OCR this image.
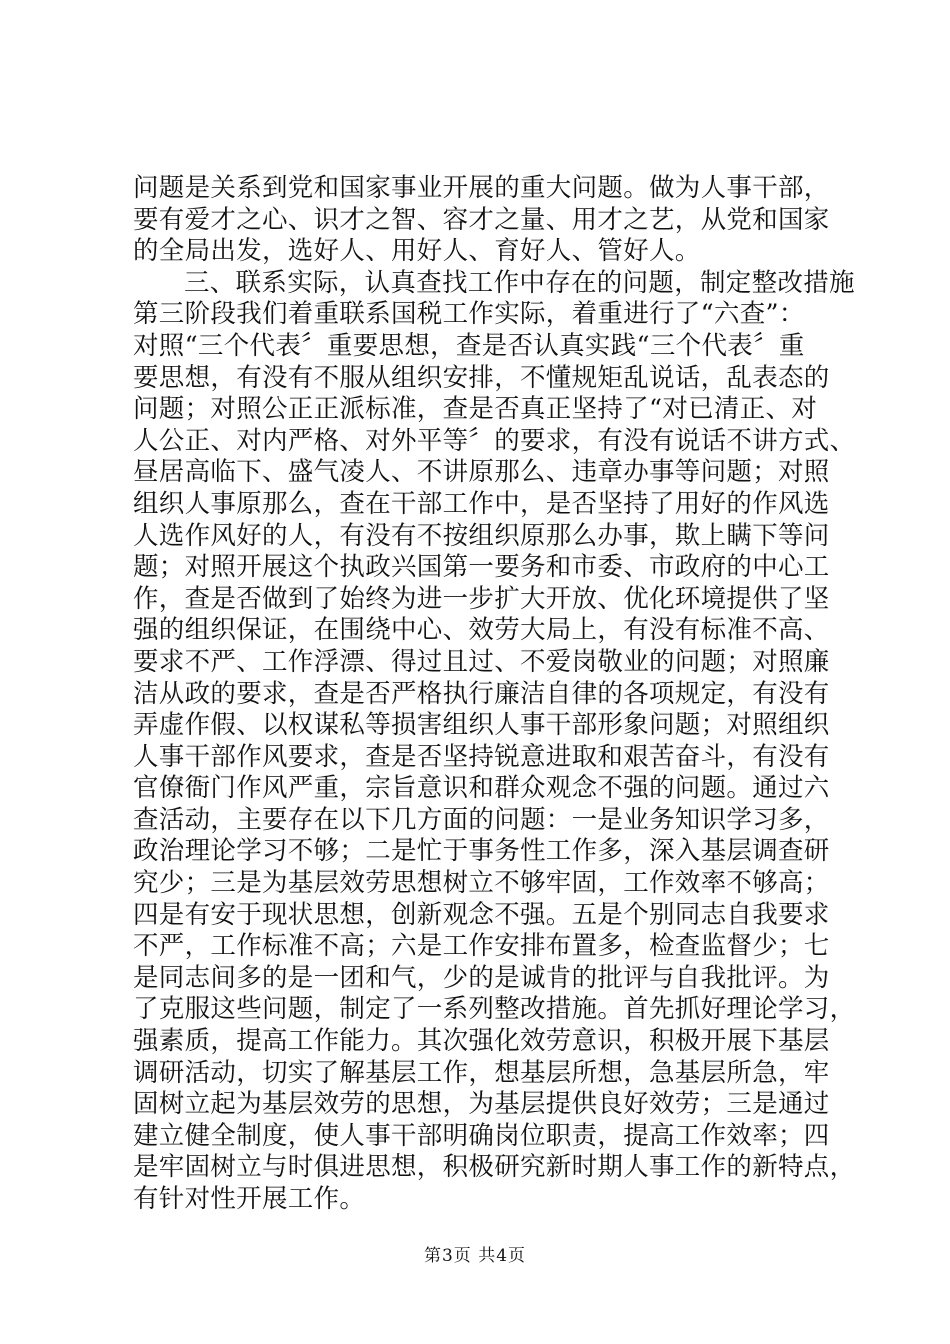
问题是关系到党和国家事业开展的重大问题。做为人事干部，
要有爱才之心、识才之智、容才之量、用才之艺，从党和国家
的全局出发，选好人、用好人、育好人、管好人。
三、联系实际，认真查找工作中存在的问题，制定整改措施
第三阶段我们着重联系国税工作实际，着重进行了“六查”：
对照“三个代表〞重要思想，查是否认真实践“三个代表〞重
要思想，有没有不服从组织安排，不懂规矩乱说话，乱表态的
问题；对照公正正派标准，查是否真正坚持了“对已清正、对
人公正、对内严格、对外平等〞的要求，有没有说话不讲方式、
昼居高临下、盛气凌人、不讲原那么、违章办事等问题；对照
组织人事原那么，查在干部工作中，是否坚持了用好的作风选
人选作风好的人，有没有不按组织原那么办事，欺上瞒下等问
题；对照开展这个执政兴国第一要务和市委、市政府的中心工
作，查是否做到了始终为进一步扩大开放、优化环境提供了坚
强的组织保证，在围绕中心、效劳大局上，有没有标准不高、
要求不严、工作浮漂、得过且过、不爱岗敬业的问题；对照廉
洁从政的要求，查是否严格执行廉洁自律的各项规定，有没有
弄虚作假、以权谋私等损害组织人事干部形象问题；对照组织
人事干部作风要求，查是否坚持锐意进取和艰苦奋斗，有没有
官僚衙门作风严重，宗旨意识和群众观念不强的问题。通过六
查活动，主要存在以下几方面的问题：一是业务知识学习多，
政治理论学习不够；二是忙于事务性工作多，深入基层调查研
究少；三是为基层效劳思想树立不够牢固，工作效率不够高；
四是有安于现状思想，创新观念不强。五是个别同志自我要求
不严，工作标准不高；六是工作安排布置多，检查监督少；七
是同志间多的是一团和气，少的是诚肯的批评与自我批评。为
了克服这些问题，制定了一系列整改措施。首先抓好理论学习，
强素质，提高工作能力。其次强化效劳意识，积极开展下基层
调研活动，切实了解基层工作，想基层所想，急基层所急，牢
固树立起为基层效劳的思想，为基层提供良好效劳；三是通过
建立健全制度，使人事干部明确岗位职责，提高工作效率；四
是牢固树立与时俱进思想，积极研究新时期人事工作的新特点，
有针对性开展工作。
第3页 共4页
